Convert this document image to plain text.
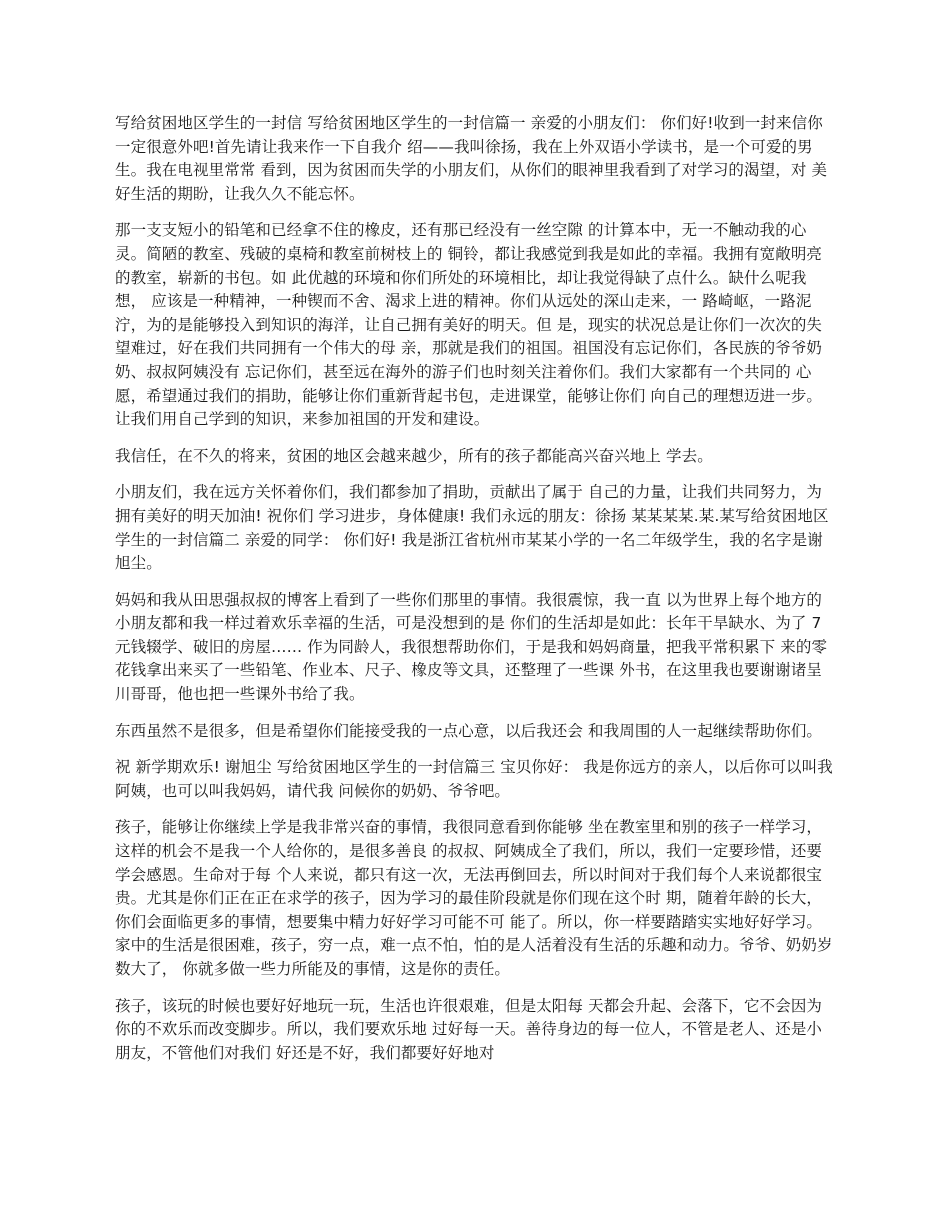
写给贫困地区学生的一封信 写给贫困地区学生的一封信篇一 亲爱的小朋友们： 你们好!收到一封来信你一定很意外吧!首先请让我来作一下自我介 绍——我叫徐扬，我在上外双语小学读书，是一个可爱的男生。我在电视里常常 看到，因为贫困而失学的小朋友们，从你们的眼神里我看到了对学习的渴望，对 美好生活的期盼，让我久久不能忘怀。

那一支支短小的铅笔和已经拿不住的橡皮，还有那已经没有一丝空隙 的计算本中，无一不触动我的心灵。简陋的教室、残破的桌椅和教室前树枝上的 铜铃，都让我感觉到我是如此的幸福。我拥有宽敞明亮的教室，崭新的书包。如 此优越的环境和你们所处的环境相比，却让我觉得缺了点什么。缺什么呢我想， 应该是一种精神，一种锲而不舍、渴求上进的精神。你们从远处的深山走来，一 路崎岖，一路泥泞，为的是能够投入到知识的海洋，让自己拥有美好的明天。但 是，现实的状况总是让你们一次次的失望难过，好在我们共同拥有一个伟大的母 亲，那就是我们的祖国。祖国没有忘记你们，各民族的爷爷奶奶、叔叔阿姨没有 忘记你们，甚至远在海外的游子们也时刻关注着你们。我们大家都有一个共同的 心愿，希望通过我们的捐助，能够让你们重新背起书包，走进课堂，能够让你们 向自己的理想迈进一步。让我们用自己学到的知识，来参加祖国的开发和建设。

我信任，在不久的将来，贫困的地区会越来越少，所有的孩子都能高兴奋兴地上 学去。

小朋友们，我在远方关怀着你们，我们都参加了捐助，贡献出了属于 自己的力量，让我们共同努力，为拥有美好的明天加油! 祝你们 学习进步，身体健康! 我们永远的朋友：徐扬 某某某某.某.某写给贫困地区学生的一封信篇二 亲爱的同学： 你们好! 我是浙江省杭州市某某小学的一名二年级学生，我的名字是谢旭尘。

妈妈和我从田思强叔叔的博客上看到了一些你们那里的事情。我很震惊，我一直 以为世界上每个地方的小朋友都和我一样过着欢乐幸福的生活，可是没想到的是 你们的生活却是如此：长年干旱缺水、为了 7 元钱辍学、破旧的房屋…… 作为同龄人，我很想帮助你们，于是我和妈妈商量，把我平常积累下 来的零花钱拿出来买了一些铅笔、作业本、尺子、橡皮等文具，还整理了一些课 外书，在这里我也要谢谢诸呈川哥哥，他也把一些课外书给了我。

东西虽然不是很多，但是希望你们能接受我的一点心意，以后我还会 和我周围的人一起继续帮助你们。

祝 新学期欢乐! 谢旭尘 写给贫困地区学生的一封信篇三 宝贝你好： 我是你远方的亲人，以后你可以叫我阿姨，也可以叫我妈妈，请代我 问候你的奶奶、爷爷吧。

孩子，能够让你继续上学是我非常兴奋的事情，我很同意看到你能够 坐在教室里和别的孩子一样学习，这样的机会不是我一个人给你的，是很多善良 的叔叔、阿姨成全了我们，所以，我们一定要珍惜，还要学会感恩。生命对于每 个人来说，都只有这一次，无法再倒回去，所以时间对于我们每个人来说都很宝 贵。尤其是你们正在正在求学的孩子，因为学习的最佳阶段就是你们现在这个时 期，随着年龄的长大，你们会面临更多的事情，想要集中精力好好学习可能不可 能了。所以，你一样要踏踏实实地好好学习。家中的生活是很困难，孩子，穷一点，难一点不怕，怕的是人活着没有生活的乐趣和动力。爷爷、奶奶岁数大了， 你就多做一些力所能及的事情，这是你的责任。

孩子，该玩的时候也要好好地玩一玩，生活也许很艰难，但是太阳每 天都会升起、会落下，它不会因为你的不欢乐而改变脚步。所以，我们要欢乐地 过好每一天。善待身边的每一位人，不管是老人、还是小朋友，不管他们对我们 好还是不好，我们都要好好地对
